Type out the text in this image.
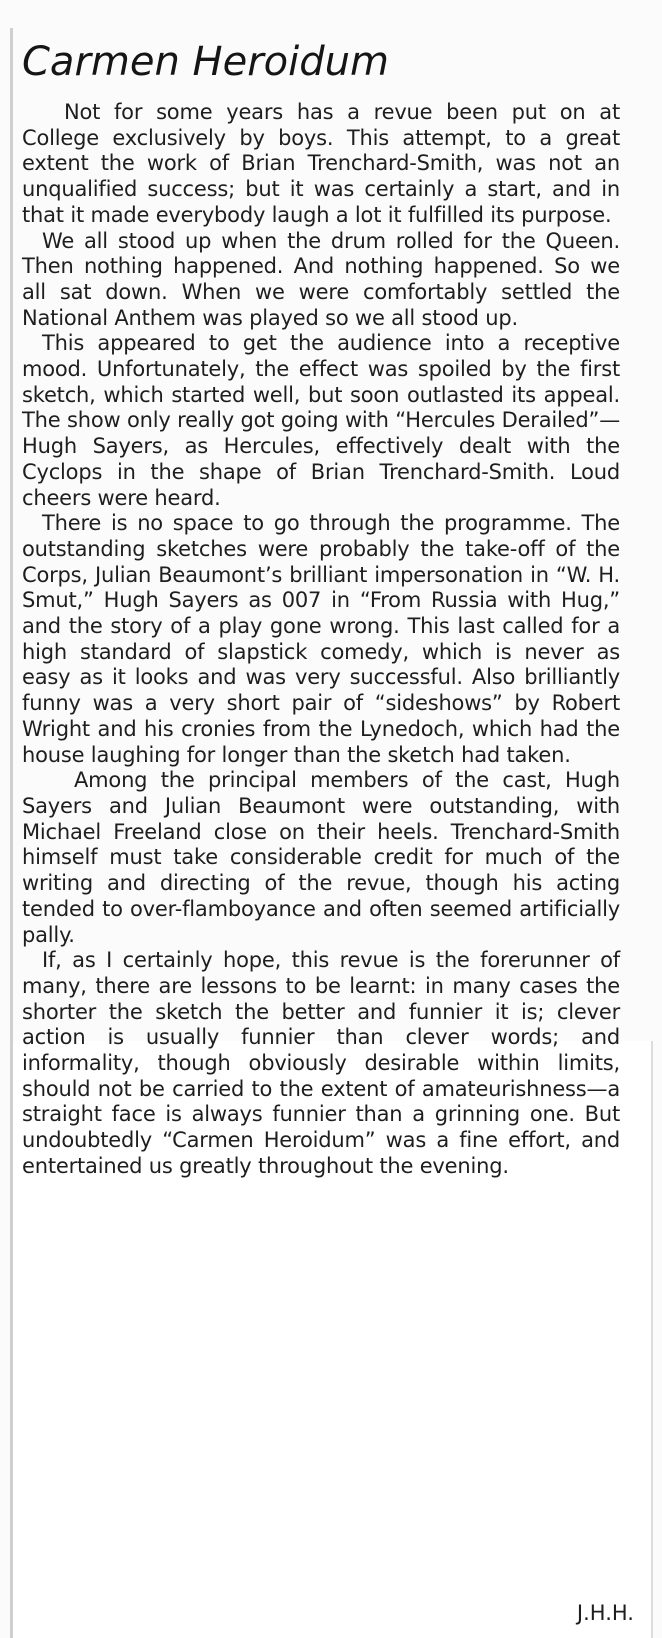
Carmen Heroidum

Not for some years has a revue been put on at College exclusively by boys. This attempt, to a great extent the work of Brian Trenchard-Smith, was not an unqualified success; but it was certainly a start, and in that it made everybody laugh a lot it fulfilled its purpose.

We all stood up when the drum rolled for the Queen. Then nothing happened. And nothing happened. So we all sat down. When we were comfortably settled the National Anthem was played so we all stood up.

This appeared to get the audience into a receptive mood. Unfortunately, the effect was spoiled by the first sketch, which started well, but soon outlasted its appeal. The show only really got going with “Hercules Derailed”— Hugh Sayers, as Hercules, effectively dealt with the Cyclops in the shape of Brian Trenchard-Smith. Loud cheers were heard.

There is no space to go through the programme. The outstanding sketches were probably the take-off of the Corps, Julian Beaumont’s brilliant impersonation in “W. H. Smut,” Hugh Sayers as 007 in “From Russia with Hug,” and the story of a play gone wrong. This last called for a high standard of slapstick comedy, which is never as easy as it looks and was very successful. Also brilliantly funny was a very short pair of “sideshows” by Robert Wright and his cronies from the Lynedoch, which had the house laughing for longer than the sketch had taken.

Among the principal members of the cast, Hugh Sayers and Julian Beaumont were outstanding, with Michael Freeland close on their heels. Trenchard-Smith himself must take considerable credit for much of the writing and directing of the revue, though his acting tended to over-flamboyance and often seemed artificially pally.

If, as I certainly hope, this revue is the forerunner of many, there are lessons to be learnt: in many cases the shorter the sketch the better and funnier it is; clever action is usually funnier than clever words; and informality, though obviously desirable within limits, should not be carried to the extent of amateurishness—a straight face is always funnier than a grinning one. But undoubtedly “Carmen Heroidum” was a fine effort, and entertained us greatly throughout the evening.

J.H.H.
